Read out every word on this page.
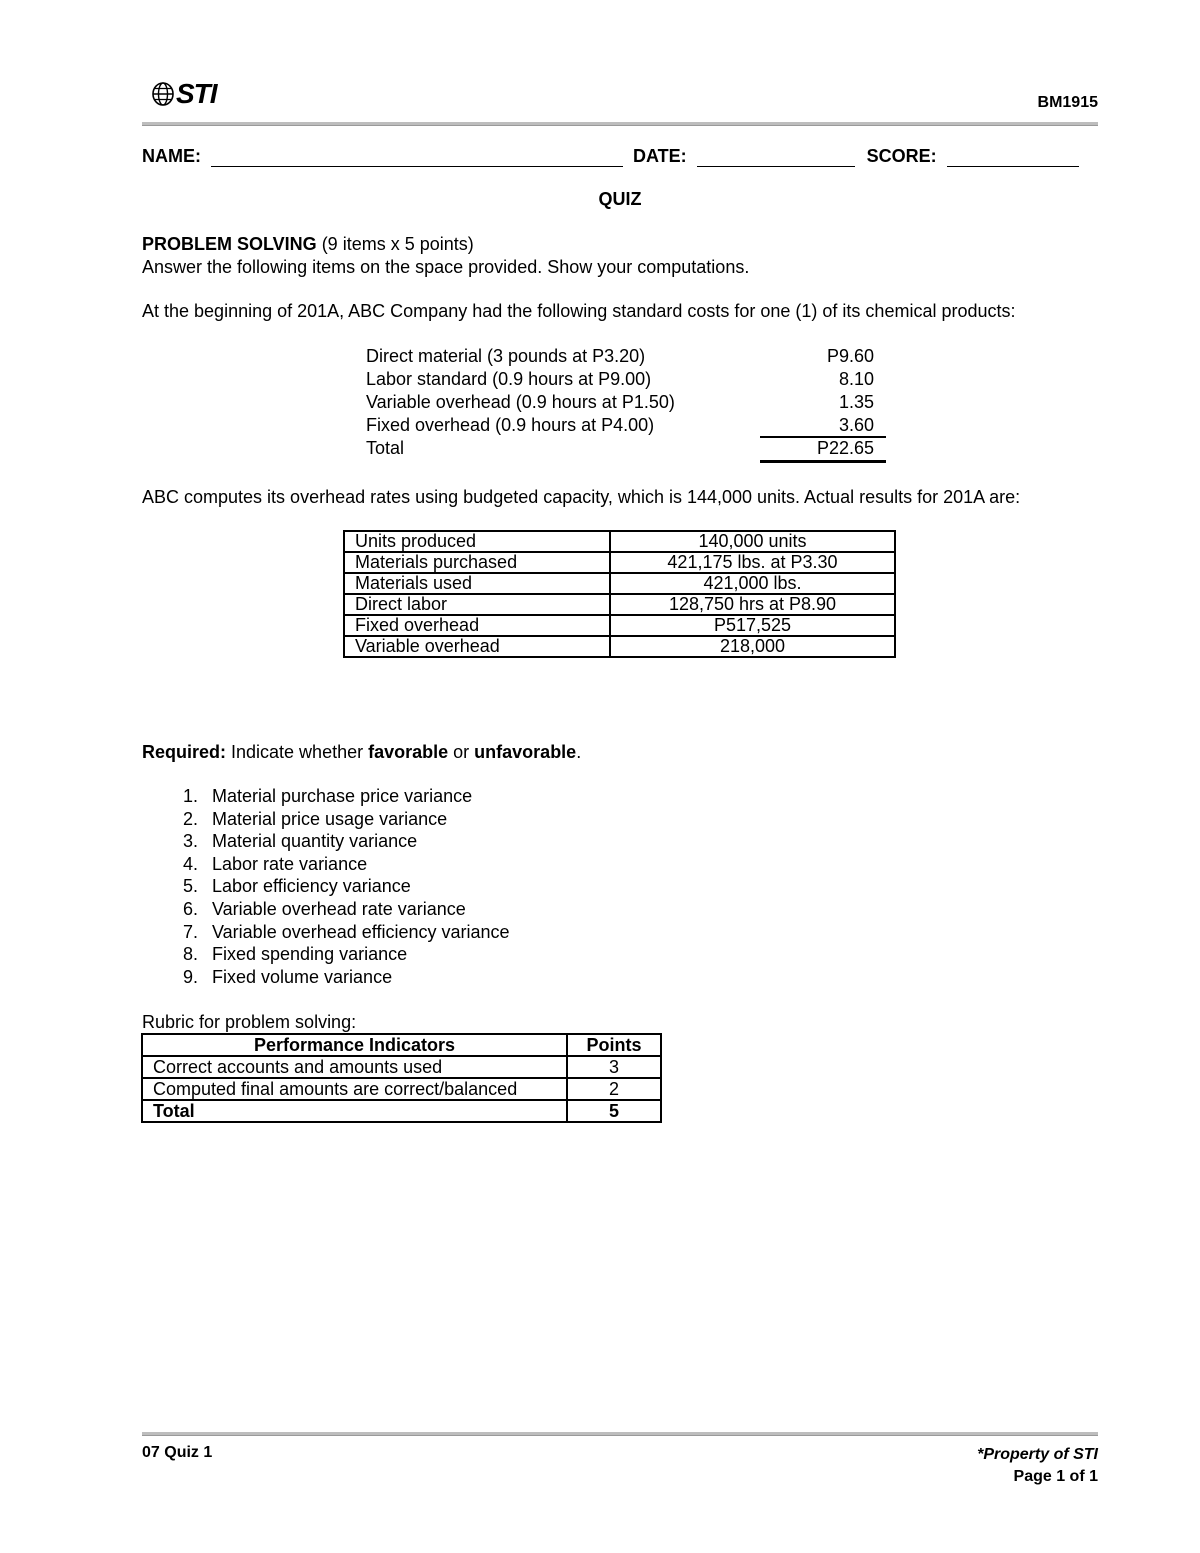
STI	BM1915
NAME:	DATE:	SCORE:
QUIZ
PROBLEM SOLVING (9 items x 5 points)
Answer the following items on the space provided. Show your computations.
At the beginning of 201A, ABC Company had the following standard costs for one (1) of its chemical products:
Direct material (3 pounds at P3.20)	P9.60
Labor standard (0.9 hours at P9.00)	8.10
Variable overhead (0.9 hours at P1.50)	1.35
Fixed overhead (0.9 hours at P4.00)	3.60
Total	P22.65
ABC computes its overhead rates using budgeted capacity, which is 144,000 units. Actual results for 201A are:
Units produced	140,000 units
Materials purchased	421,175 lbs. at P3.30
Materials used	421,000 lbs.
Direct labor	128,750 hrs at P8.90
Fixed overhead	P517,525
Variable overhead	218,000
Required: Indicate whether favorable or unfavorable.
1. Material purchase price variance
2. Material price usage variance
3. Material quantity variance
4. Labor rate variance
5. Labor efficiency variance
6. Variable overhead rate variance
7. Variable overhead efficiency variance
8. Fixed spending variance
9. Fixed volume variance
Rubric for problem solving:
Performance Indicators	Points
Correct accounts and amounts used	3
Computed final amounts are correct/balanced	2
Total	5
07 Quiz 1	*Property of STI
Page 1 of 1
